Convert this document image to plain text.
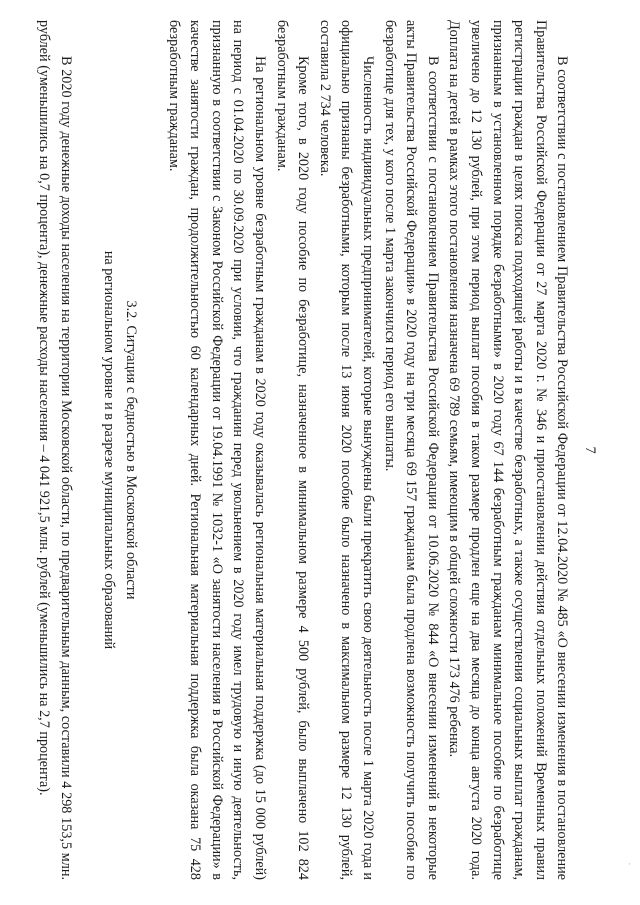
7

В соответствии с постановлением Правительства Российской Федерации от 12.04.2020 № 485 «О внесении изменения в постановление Правительства Российской Федерации от 27 марта 2020 г. № 346 и приостановлении действия отдельных положений Временных правил регистрации граждан в целях поиска подходящей работы и в качестве безработных, а также осуществления социальных выплат гражданам, признанным в установленном порядке безработными» в 2020 году 67 144 безработным гражданам минимальное пособие по безработице увеличено до 12 130 рублей, при этом период выплат пособия в таком размере продлен еще на два месяца до конца августа 2020 года. Доплата на детей в рамках этого постановления назначена 69 789 семьям, имеющим в общей сложности 173 476 ребенка.

В соответствии с постановлением Правительства Российской Федерации от 10.06.2020 № 844 «О внесении изменений в некоторые акты Правительства Российской Федерации» в 2020 году на три месяца 69 157 гражданам была продлена возможность получить пособие по безработице для тех, у кого после 1 марта закончился период его выплаты.

Численность индивидуальных предпринимателей, которые вынуждены были прекратить свою деятельность после 1 марта 2020 года и официально признаны безработными, которым после 13 июня 2020 пособие было назначено в максимальном размере 12 130 рублей, составила 2 734 человека.

Кроме того, в 2020 году пособие по безработице, назначенное в минимальном размере 4 500 рублей, было выплачено 102 824 безработным гражданам.

На региональном уровне безработным гражданам в 2020 году оказывалась региональная материальная поддержка (до 15 000 рублей) на период с 01.04.2020 по 30.09.2020 при условии, что гражданин перед увольнением в 2020 году имел трудовую и иную деятельность, признанную в соответствии с Законом Российской Федерации от 19.04.1991 № 1032-1 «О занятости населения в Российской Федерации» в качестве занятости граждан, продолжительностью 60 календарных дней. Региональная материальная поддержка была оказана 75 428 безработным гражданам.

3.2. Ситуация с бедностью в Московской области

на региональном уровне и в разрезе муниципальных образований

В 2020 году денежные доходы населения на территории Московской области, по предварительным данным, составили 4 298 153,5 млн. рублей (уменьшились на 0,7 процента), денежные расходы населения – 4 041 921,5 млн. рублей (уменьшились на 2,7 процента).

·
